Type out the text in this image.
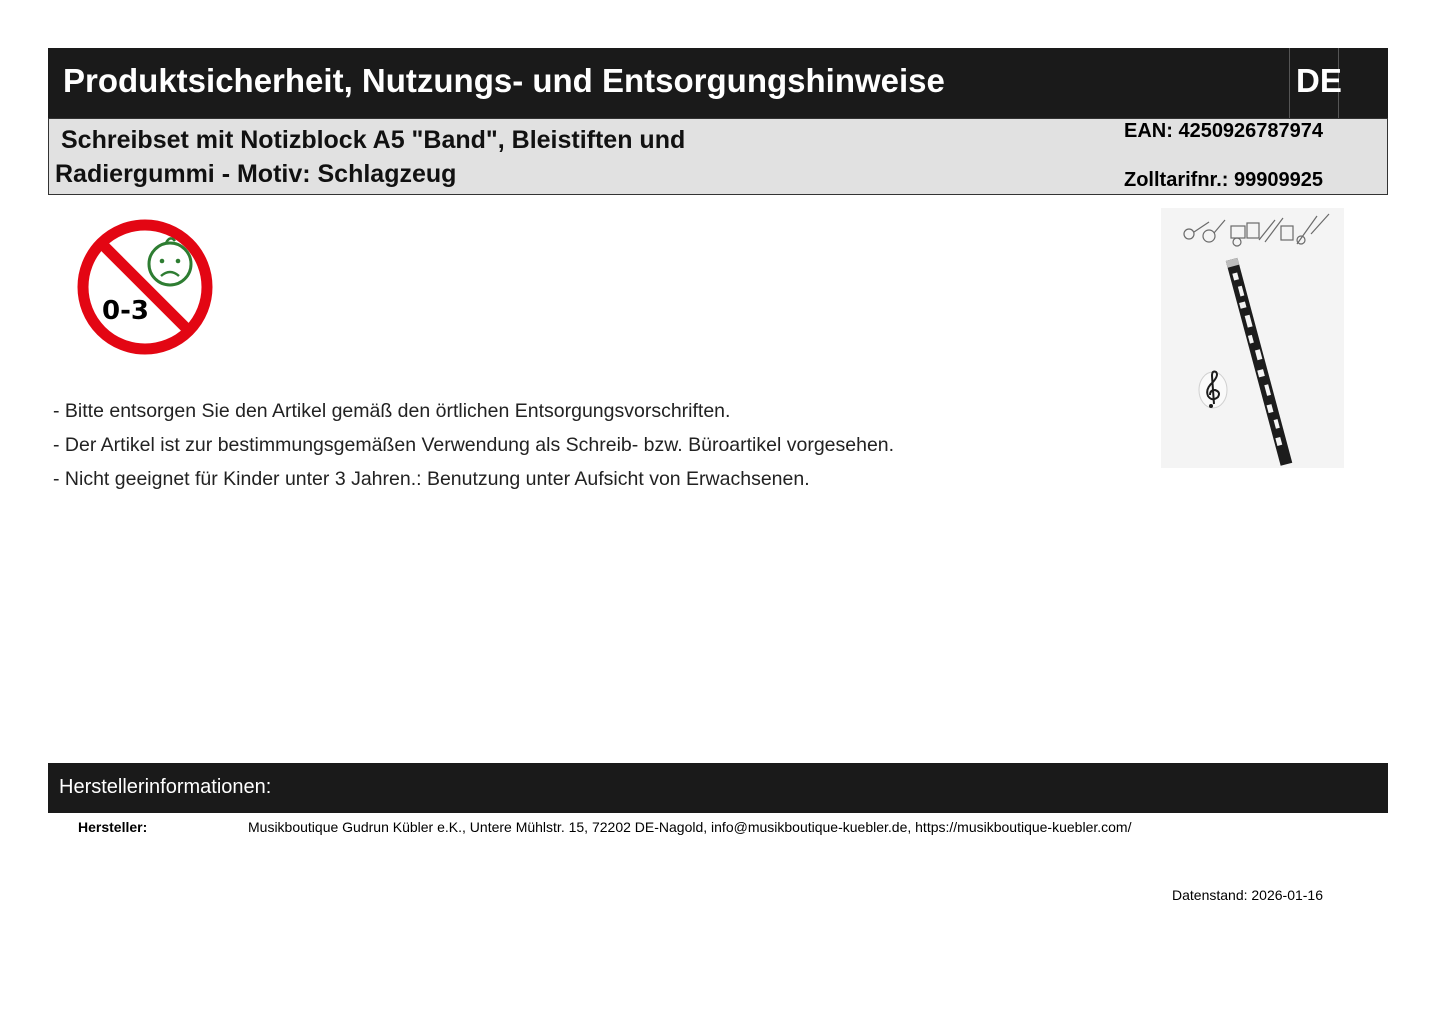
Produktsicherheit, Nutzungs- und Entsorgungshinweise	DE
Schreibset mit Notizblock A5 "Band", Bleistiften und Radiergummi - Motiv: Schlagzeug
EAN: 4250926787974
Zolltarifnr.: 99909925
0-3
- Bitte entsorgen Sie den Artikel gemäß den örtlichen Entsorgungsvorschriften.
- Der Artikel ist zur bestimmungsgemäßen Verwendung als Schreib- bzw. Büroartikel vorgesehen.
- Nicht geeignet für Kinder unter 3 Jahren.: Benutzung unter Aufsicht von Erwachsenen.
Herstellerinformationen:
Hersteller:	Musikboutique Gudrun Kübler e.K., Untere Mühlstr. 15, 72202 DE-Nagold, info@musikboutique-kuebler.de, https://musikboutique-kuebler.com/
Datenstand: 2026-01-16
